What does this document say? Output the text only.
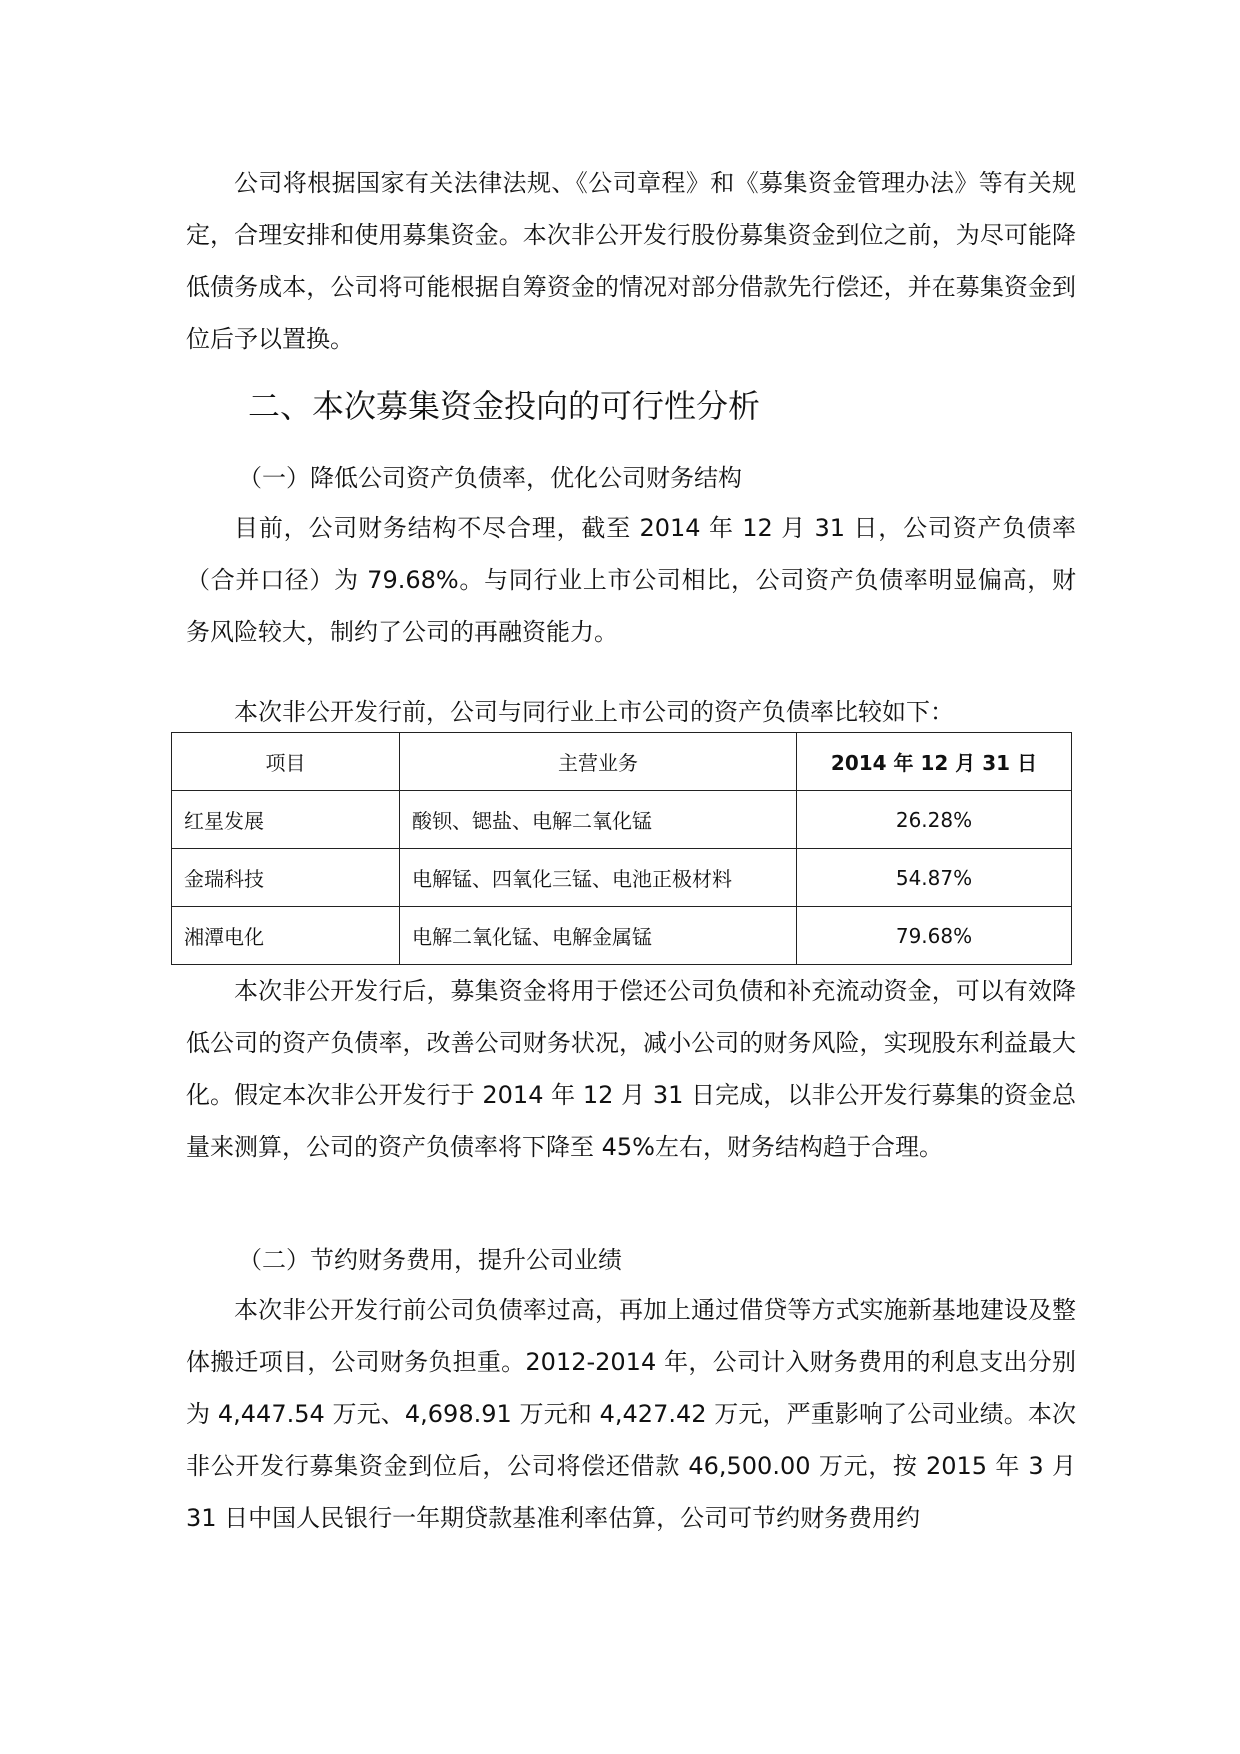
公司将根据国家有关法律法规、《公司章程》和《募集资金管理办法》等有关规定，合理安排和使用募集资金。本次非公开发行股份募集资金到位之前，为尽可能降低债务成本，公司将可能根据自筹资金的情况对部分借款先行偿还，并在募集资金到位后予以置换。

二、本次募集资金投向的可行性分析
（一）降低公司资产负债率，优化公司财务结构

目前，公司财务结构不尽合理，截至 2014 年 12 月 31 日，公司资产负债率（合并口径）为 79.68%。与同行业上市公司相比，公司资产负债率明显偏高，财务风险较大，制约了公司的再融资能力。

本次非公开发行前，公司与同行业上市公司的资产负债率比较如下：

项目	主营业务	2014 年 12 月 31 日
红星发展	酸钡、锶盐、电解二氧化锰	26.28%
金瑞科技	电解锰、四氧化三锰、电池正极材料	54.87%
湘潭电化	电解二氧化锰、电解金属锰	79.68%

本次非公开发行后，募集资金将用于偿还公司负债和补充流动资金，可以有效降低公司的资产负债率，改善公司财务状况，减小公司的财务风险，实现股东利益最大化。假定本次非公开发行于 2014 年 12 月 31 日完成，以非公开发行募集的资金总量来测算，公司的资产负债率将下降至 45%左右，财务结构趋于合理。

（二）节约财务费用，提升公司业绩

本次非公开发行前公司负债率过高，再加上通过借贷等方式实施新基地建设及整体搬迁项目，公司财务负担重。2012-2014 年，公司计入财务费用的利息支出分别为 4,447.54 万元、4,698.91 万元和 4,427.42 万元，严重影响了公司业绩。本次非公开发行募集资金到位后，公司将偿还借款 46,500.00 万元，按 2015 年 3 月 31 日中国人民银行一年期贷款基准利率估算，公司可节约财务费用约
